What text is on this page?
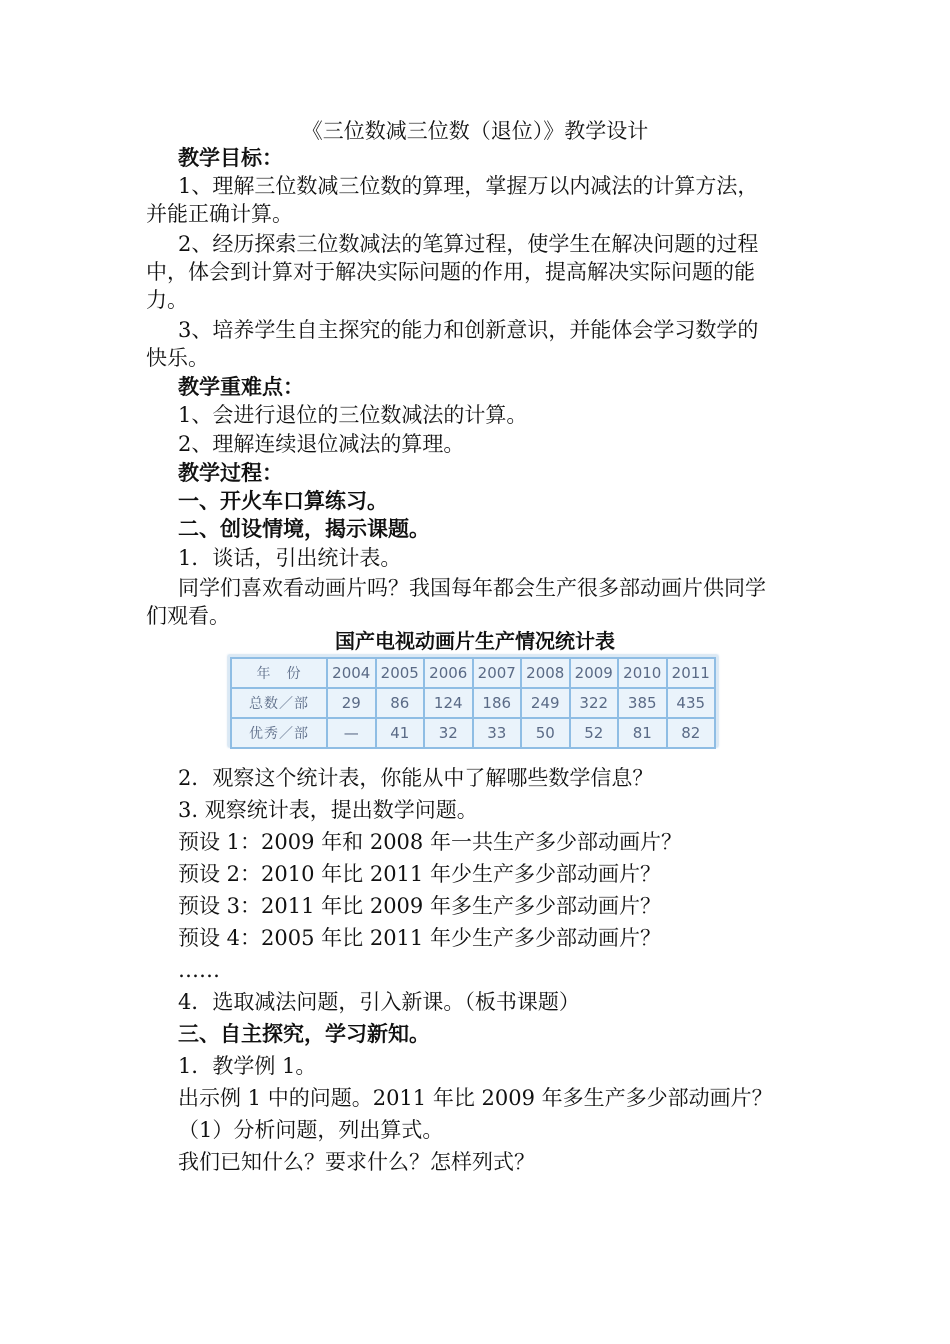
《三位数减三位数（退位）》教学设计
教学目标：
1、理解三位数减三位数的算理，掌握万以内减法的计算方法，
并能正确计算。
2、经历探索三位数减法的笔算过程，使学生在解决问题的过程
中，体会到计算对于解决实际问题的作用，提高解决实际问题的能
力。
3、培养学生自主探究的能力和创新意识，并能体会学习数学的
快乐。
教学重难点：
1、会进行退位的三位数减法的计算。
2、理解连续退位减法的算理。
教学过程：
一、开火车口算练习。
二、创设情境，揭示课题。
1．谈话，引出统计表。
同学们喜欢看动画片吗？我国每年都会生产很多部动画片供同学
们观看。
国产电视动画片生产情况统计表
年　份	2004	2005	2006	2007	2008	2009	2010	2011
总数／部	29	86	124	186	249	322	385	435
优秀／部	—	41	32	33	50	52	81	82
2．观察这个统计表，你能从中了解哪些数学信息？
3. 观察统计表，提出数学问题。
预设 1：2009 年和 2008 年一共生产多少部动画片？
预设 2：2010 年比 2011 年少生产多少部动画片？
预设 3：2011 年比 2009 年多生产多少部动画片？
预设 4：2005 年比 2011 年少生产多少部动画片？
……
4．选取减法问题，引入新课。（板书课题）
三、自主探究，学习新知。
1．教学例 1。
出示例 1 中的问题。2011 年比 2009 年多生产多少部动画片？
（1）分析问题，列出算式。
我们已知什么？要求什么？怎样列式？
